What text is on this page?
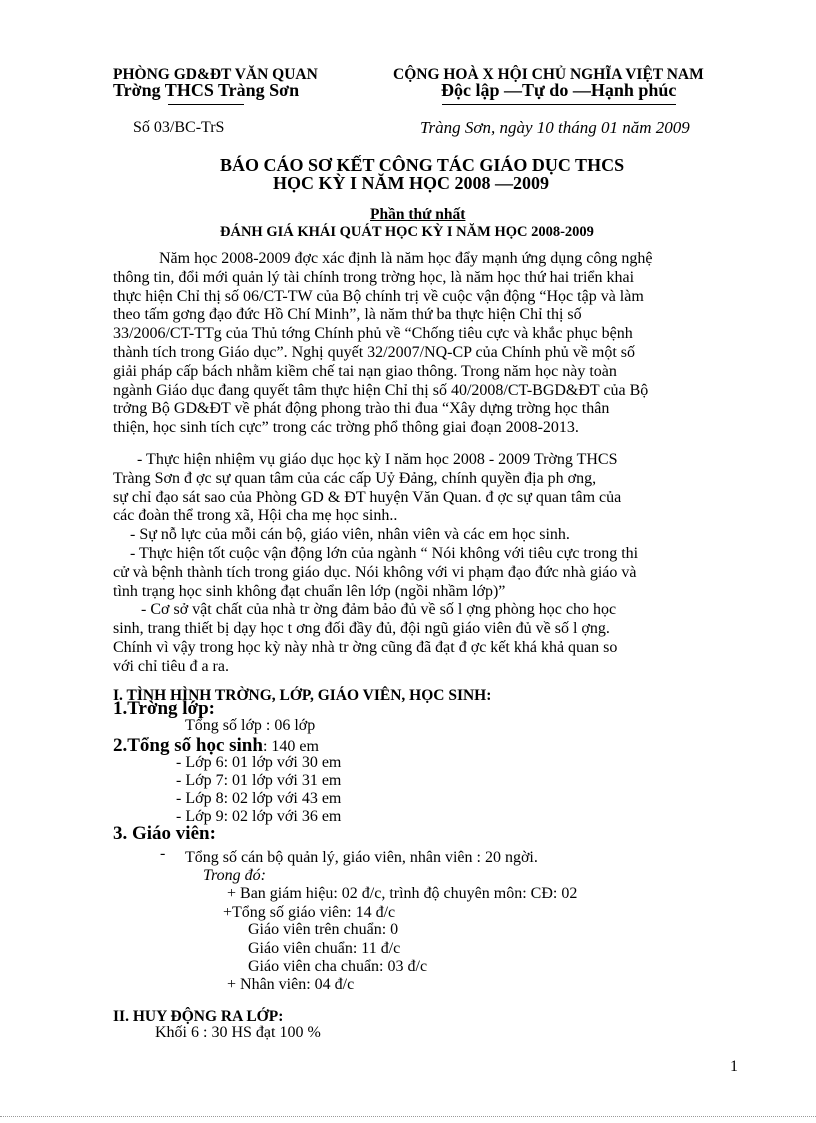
PHÒNG GD&ĐT VĂN QUAN
Trờng THCS Tràng Sơn
CỘNG HOÀ X HỘI CHỦ NGHĨA VIỆT NAM
Độc lập —Tự do —Hạnh phúc
Số 03/BC-TrS	Tràng Sơn, ngày 10 tháng 01 năm 2009
BÁO CÁO SƠ KẾT CÔNG TÁC GIÁO DỤC THCS
HỌC KỲ I NĂM HỌC 2008 —2009
Phần thứ nhất
ĐÁNH GIÁ KHÁI QUÁT HỌC KỲ I NĂM HỌC 2008-2009
Năm học 2008-2009 đợc xác định là năm học đẩy mạnh ứng dụng công nghệ
thông tin, đổi mới quản lý tài chính trong trờng học, là năm học thứ hai triển khai
thực hiện Chỉ thị số 06/CT-TW của Bộ chính trị về cuộc vận động “Học tập và làm
theo tấm gơng đạo đức Hồ Chí Minh”, là năm thứ ba thực hiện Chỉ thị số
33/2006/CT-TTg của Thủ tớng Chính phủ về “Chống tiêu cực và khắc phục bệnh
thành tích trong Giáo dục”. Nghị quyết 32/2007/NQ-CP của Chính phủ về một số
giải pháp cấp bách nhằm kiềm chế tai nạn giao thông. Trong năm học này toàn
ngành Giáo dục đang quyết tâm thực hiện Chỉ thị số 40/2008/CT-BGD&ĐT của Bộ
trởng Bộ GD&ĐT về phát động phong trào thi đua “Xây dựng trờng học thân
thiện, học sinh tích cực” trong các trờng phổ thông giai đoạn 2008-2013.
- Thực hiện nhiệm vụ giáo dục học kỳ I năm học 2008 - 2009 Trờng THCS
Tràng Sơn đ ợc sự quan tâm của các cấp Uỷ Đảng, chính quyền địa ph ơng,
sự chỉ đạo sát sao của Phòng GD & ĐT huyện Văn Quan. đ ợc sự quan tâm của
các đoàn thể trong xã, Hội cha mẹ học sinh..
- Sự nỗ lực của mỗi cán bộ, giáo viên, nhân viên và các em học sinh.
- Thực hiện tốt cuộc vận động lớn của ngành “ Nói không với tiêu cực trong thi
cử và bệnh thành tích trong giáo dục. Nói không với vi phạm đạo đức nhà giáo và
tình trạng học sinh không đạt chuẩn lên lớp (ngồi nhầm lớp)”
- Cơ sở vật chất của nhà tr ờng đảm bảo đủ về số l ợng phòng học cho học
sinh, trang thiết bị dạy học t ơng đối đầy đủ, đội ngũ giáo viên đủ về số l ợng.
Chính vì vậy trong học kỳ này nhà tr ờng cũng đã đạt đ ợc kết khá khả quan so
với chỉ tiêu đ a ra.
I. TÌNH HÌNH TRỜNG, LỚP, GIÁO VIÊN, HỌC SINH:
1.Trờng lớp:
Tổng số lớp : 06 lớp
2.Tổng số học sinh: 140 em
- Lớp 6: 01 lớp với 30 em
- Lớp 7: 01 lớp với 31 em
- Lớp 8: 02 lớp với 43 em
- Lớp 9: 02 lớp với 36 em
3. Giáo viên:
- Tổng số cán bộ quản lý, giáo viên, nhân viên : 20 ngời.
Trong đó:
+ Ban giám hiệu: 02 đ/c, trình độ chuyên môn: CĐ: 02
+Tổng số giáo viên: 14 đ/c
Giáo viên trên chuẩn: 0
Giáo viên chuẩn: 11 đ/c
Giáo viên cha chuẩn: 03 đ/c
+ Nhân viên: 04 đ/c
II. HUY ĐỘNG RA LỚP:
Khối 6 : 30 HS đạt 100 %
1
